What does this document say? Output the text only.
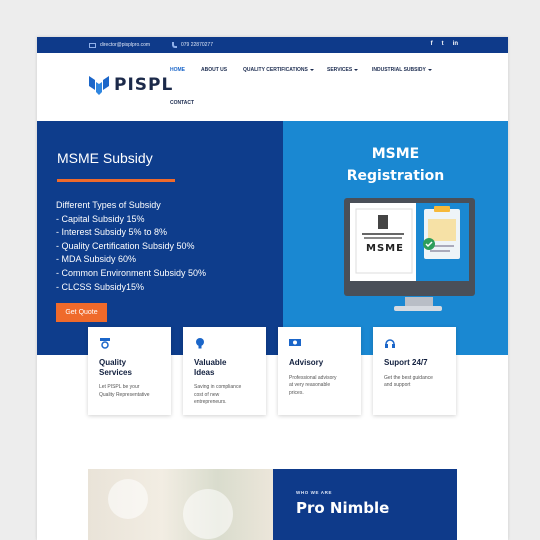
director@pisplpro.com	079 22870277	f t in
PISPL
HOME	ABOUT US	QUALITY CERTIFICATIONS	SERVICES	INDUSTRIAL SUBSIDY
CONTACT
MSME Subsidy
Different Types of Subsidy
- Capital Subsidy 15%
- Interest Subsidy 5% to 8%
- Quality Certification Subsidy 50%
- MDA Subsidy 60%
- Common Environment Subsidy 50%
- CLCSS Subsidy15%
Get Quote
MSME
Registration
MSME
Quality
Services
Let PISPL be your
Quality Representative
Valuable
Ideas
Saving in compliance
cost of new
entrepreneurs.
Advisory
Professional advisory
at very reasonable
prices.
Suport 24/7
Get the best guidance
and support
WHO WE ARE
Pro Nimble
